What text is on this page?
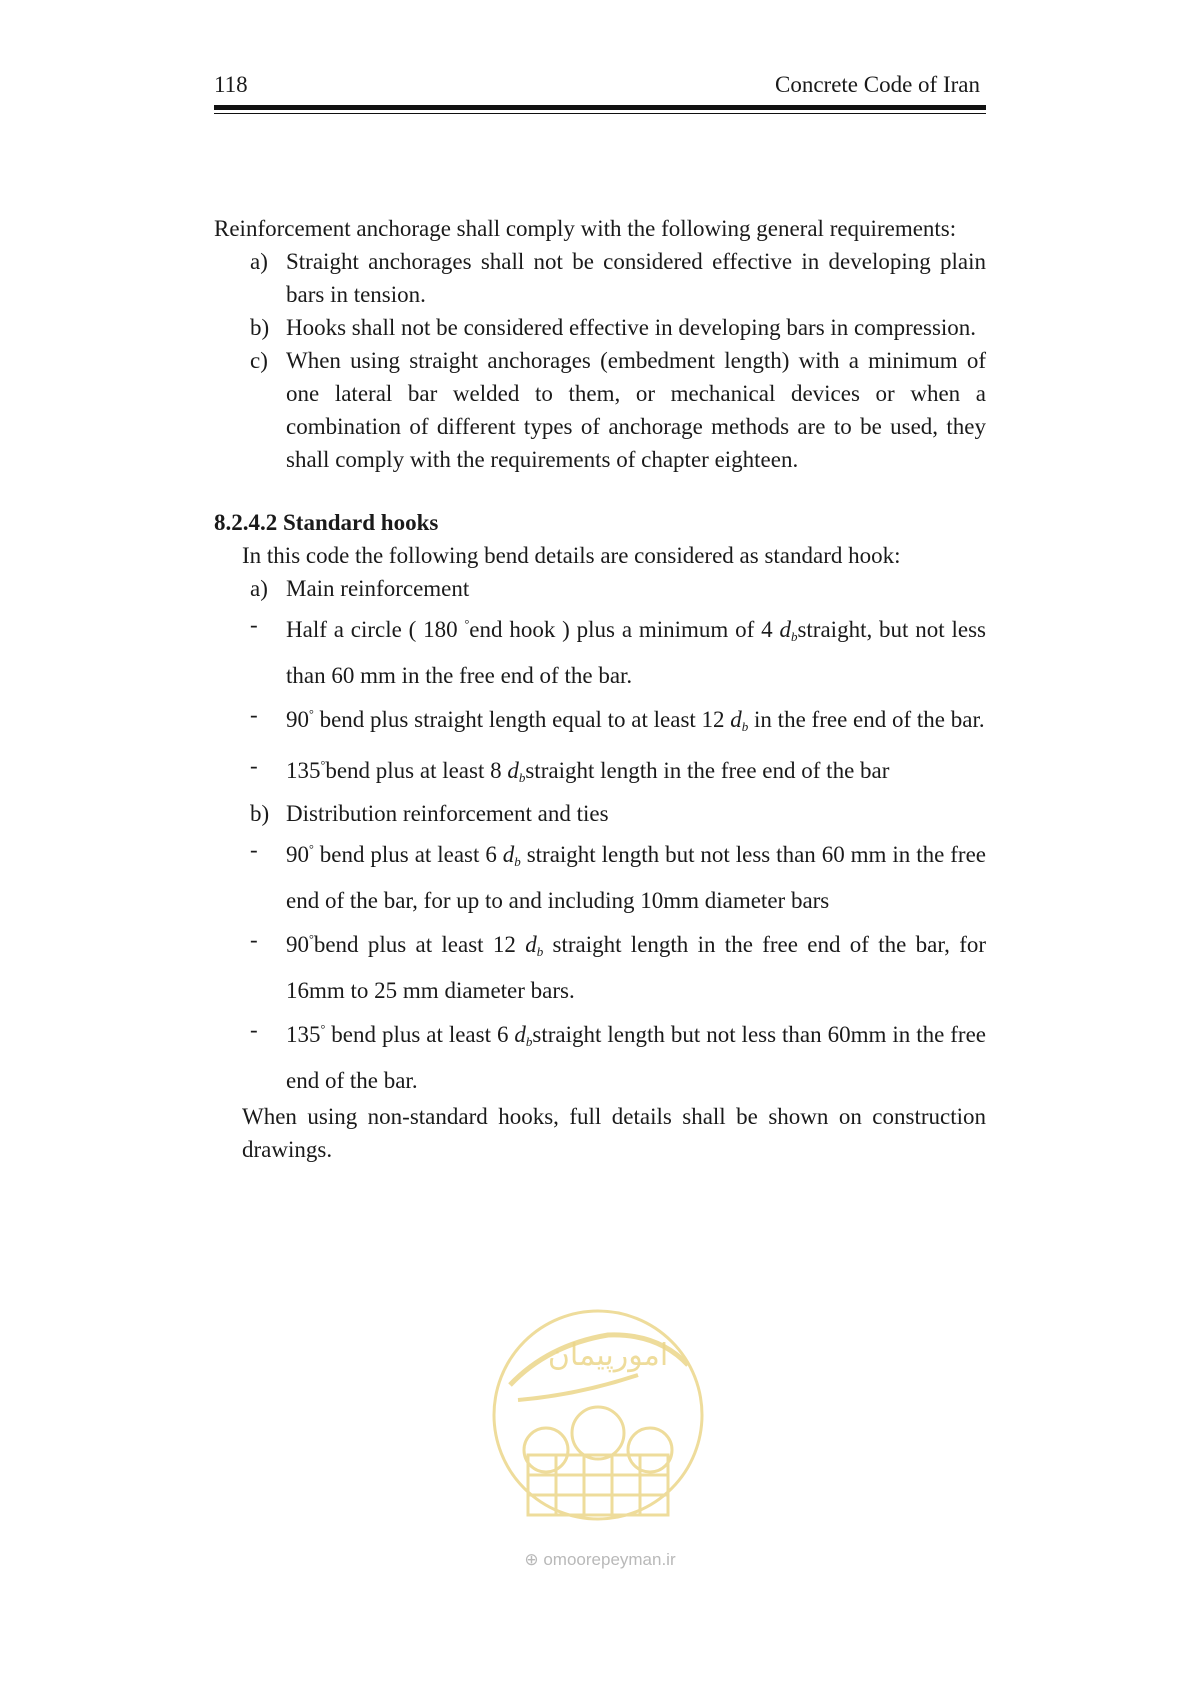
118	Concrete Code of Iran

Reinforcement anchorage shall comply with the following general requirements:

a) Straight anchorages shall not be considered effective in developing plain bars in tension.

b) Hooks shall not be considered effective in developing bars in compression.

c) When using straight anchorages (embedment length) with a minimum of one lateral bar welded to them, or mechanical devices or when a combination of different types of anchorage methods are to be used, they shall comply with the requirements of chapter eighteen.

8.2.4.2 Standard hooks

In this code the following bend details are considered as standard hook:

a) Main reinforcement

- Half a circle ( 180 °end hook ) plus a minimum of 4 $d_bstraight$, but not less than 60 mm in the free end of the bar.

- 90° bend plus straight length equal to at least 12 $d_b$ in the free end of the bar.

- 135°bend plus at least 8 $d_bstraight$ length in the free end of the bar

b) Distribution reinforcement and ties

- 90° bend plus at least 6 $d_b$ straight length but not less than 60 mm in the free end of the bar, for up to and including 10mm diameter bars

- 90°bend plus at least 12 $d_b$ straight length in the free end of the bar, for 16mm to 25 mm diameter bars.

- 135° bend plus at least 6 $d_bstraight$ length but not less than 60mm in the free end of the bar.

When using non-standard hooks, full details shall be shown on construction drawings.

امورپیمان
⊕ omoorepeyman.ir
